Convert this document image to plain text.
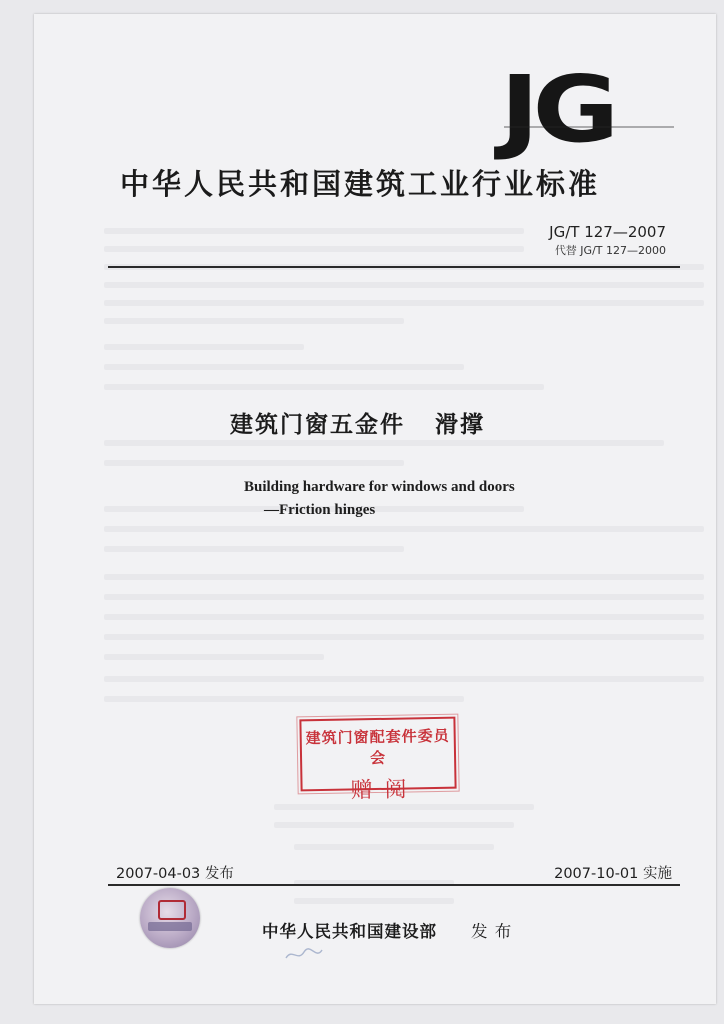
JG
中华人民共和国建筑工业行业标准
JG/T 127—2007
代替 JG/T 127—2000
建筑门窗五金件 滑撑
Building hardware for windows and doors
—Friction hinges
建筑门窗配套件委员会
赠阅
2007-04-03 发布	2007-10-01 实施
中华人民共和国建设部 发 布
